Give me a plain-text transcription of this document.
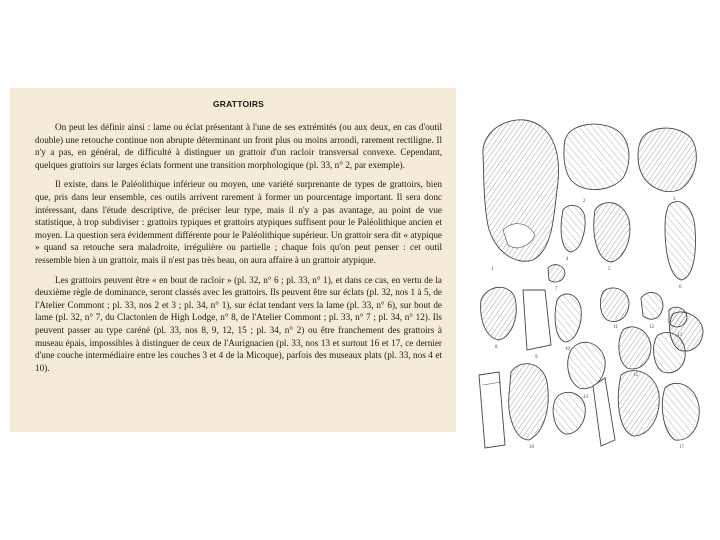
GRATTOIRS

On peut les définir ainsi : lame ou éclat présentant à l'une de ses extrémités (ou aux deux, en cas d'outil double) une retouche continue non abrupte déterminant un front plus ou moins arrondi, rarement rectiligne. Il n'y a pas, en général, de difficulté à distinguer un grattoir d'un racloir transversal convexe. Cependant, quelques grattoirs sur larges éclats forment une transition morphologique (pl. 33, n° 2, par exemple).

Il existe, dans le Paléolithique inférieur ou moyen, une variété surprenante de types de grattoirs, bien que, pris dans leur ensemble, ces outils arrivent rarement à former un pourcentage important. Il sera donc intéressant, dans l'étude descriptive, de préciser leur type, mais il n'y a pas avantage, au point de vue statistique, à trop subdiviser : grattoirs typiques et grattoirs atypiques suffisent pour le Paléolithique ancien et moyen. La question sera évidemment différente pour le Paléolithique supérieur. Un grattoir sera dit « atypique » quand sa retouche sera maladroite, irrégulière ou partielle ; chaque fois qu'on peut penser : cet outil ressemble bien à un grattoir, mais il n'est pas très beau, on aura affaire à un grattoir atypique.

Les grattoirs peuvent être « en bout de racloir » (pl. 32, n° 6 ; pl. 33, n° 1), et dans ce cas, en vertu de la deuxième règle de dominance, seront classés avec les grattoirs. Ils peuvent être sur éclats (pl. 32, nos 1 à 5, de l'Atelier Commont ; pl. 33, nos 2 et 3 ; pl. 34, n° 1), sur éclat tendant vers la lame (pl. 33, n° 6), sur bout de lame (pl. 32, n° 7, du Clactonien de High Lodge, n° 8, de l'Atelier Commont ; pl. 33, n° 7 ; pl. 34, n° 12). Ils peuvent passer au type caréné (pl. 33, nos 8, 9, 12, 15 ; pl. 34, n° 2) ou être franchement des grattoirs à museau épais, impossibles à distinguer de ceux de l'Aurignacien (pl. 33, nos 13 et surtout 16 et 17, ce dernier d'une couche intermédiaire entre les couches 3 et 4 de la Micoque), parfois des museaux plats (pl. 33, nos 4 et 10).

1
2	3
4
5
6
7
8
9
10
11	12
13
14
15
16	17
